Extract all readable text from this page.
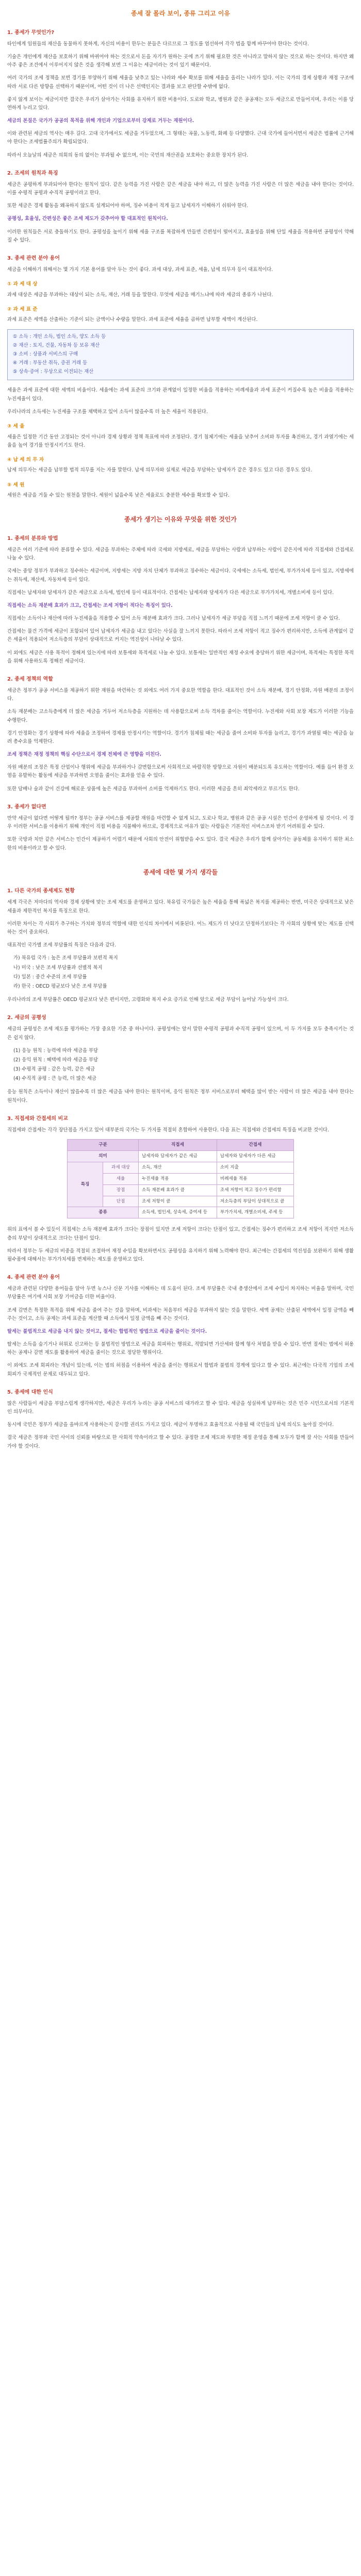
종세 잘 몰라 보이, 종류 그리고 이유
1. 종세가 무엇인가?

타인에게 임원들의 재산을 동물하지 못하게, 자신의 비용이 한두는 분들은 다르므로 그 정도를 엄선하여 각각 법을 함께 바꾸어야 한다는 것이다.

기술은 개인에게 재산을 보호하기 위해 바뀌어야 하는 것으로서 돈을 자기가 원하는 곳에 쓰기 위해 필요한 것은 아니라고 말하지 않는 것으로 하는 것이다. 하지만 왜 아주 좋은 조건에서 이루어지지 않은 것을 생각해 보면 그 이유는 세금이라는 것이 있기 때문이다.

여러 국가의 조세 정책을 보면 경기를 부양하기 위해 세율을 낮추고 있는 나라와 세수 확보를 위해 세율을 올리는 나라가 있다. 이는 국가의 경제 상황과 재정 구조에 따라 서로 다른 방향을 선택하기 때문이며, 어떤 것이 더 나은 선택인지는 결과를 보고 판단할 수밖에 없다.

좋지 않게 보이는 세금이지만 결국은 우리가 살아가는 사회를 유지하기 위한 비용이다. 도로와 학교, 병원과 같은 공공재는 모두 세금으로 만들어지며, 우리는 이를 당연하게 누리고 있다.

세금의 본질은 국가가 공공의 목적을 위해 개인과 기업으로부터 강제로 거두는 재원이다.

이와 관련된 세금의 역사는 매우 길다. 고대 국가에서도 세금을 거두었으며, 그 형태는 곡물, 노동력, 화폐 등 다양했다. 근대 국가에 들어서면서 세금은 법률에 근거해야 한다는 조세법률주의가 확립되었다.

따라서 오늘날의 세금은 의회의 동의 없이는 부과될 수 없으며, 이는 국민의 재산권을 보호하는 중요한 장치가 된다.

2. 조세의 원칙과 특징

세금은 공평하게 부과되어야 한다는 원칙이 있다. 같은 능력을 가진 사람은 같은 세금을 내야 하고, 더 많은 능력을 가진 사람은 더 많은 세금을 내야 한다는 것이다. 이를 수평적 공평과 수직적 공평이라고 한다.

또한 세금은 경제 활동을 왜곡하지 않도록 설계되어야 하며, 징수 비용이 적게 들고 납세자가 이해하기 쉬워야 한다.

공평성, 효율성, 간편성은 좋은 조세 제도가 갖추어야 할 대표적인 원칙이다.

이러한 원칙들은 서로 충돌하기도 한다. 공평성을 높이기 위해 세율 구조를 복잡하게 만들면 간편성이 떨어지고, 효율성을 위해 단일 세율을 적용하면 공평성이 약해질 수 있다.

3. 종세 관련 분야 용어

세금을 이해하기 위해서는 몇 가지 기본 용어를 알아 두는 것이 좋다. 과세 대상, 과세 표준, 세율, 납세 의무자 등이 대표적이다.

① 과 세 대 상

과세 대상은 세금을 부과하는 대상이 되는 소득, 재산, 거래 등을 말한다. 무엇에 세금을 매기느냐에 따라 세금의 종류가 나뉜다.

② 과 세 표 준

과세 표준은 세액을 산출하는 기준이 되는 금액이나 수량을 말한다. 과세 표준에 세율을 곱하면 납부할 세액이 계산된다.

① 소득 : 개인 소득, 법인 소득, 양도 소득 등

② 재산 : 토지, 건물, 자동차 등 보유 재산

③ 소비 : 상품과 서비스의 구매

④ 거래 : 부동산 취득, 증권 거래 등

⑤ 상속·증여 : 무상으로 이전되는 재산

세율은 과세 표준에 대한 세액의 비율이다. 세율에는 과세 표준의 크기와 관계없이 일정한 비율을 적용하는 비례세율과 과세 표준이 커질수록 높은 비율을 적용하는 누진세율이 있다.

우리나라의 소득세는 누진세율 구조를 채택하고 있어 소득이 많을수록 더 높은 세율이 적용된다.

③ 세 율

세율은 일정한 기간 동안 고정되는 것이 아니라 경제 상황과 정책 목표에 따라 조정된다. 경기 침체기에는 세율을 낮추어 소비와 투자를 촉진하고, 경기 과열기에는 세율을 높여 경기를 안정시키기도 한다.

④ 납 세 의 무 자

납세 의무자는 세금을 납부할 법적 의무를 지는 자를 말한다. 납세 의무자와 실제로 세금을 부담하는 담세자가 같은 경우도 있고 다른 경우도 있다.

⑤ 세 원

세원은 세금을 거둘 수 있는 원천을 말한다. 세원이 넓을수록 낮은 세율로도 충분한 세수를 확보할 수 있다.

종세가 생기는 이유와 무엇을 위한 것인가
1. 종세의 분류와 방법

세금은 여러 기준에 따라 분류할 수 있다. 세금을 부과하는 주체에 따라 국세와 지방세로, 세금을 부담하는 사람과 납부하는 사람이 같은지에 따라 직접세와 간접세로 나눌 수 있다.

국세는 중앙 정부가 부과하고 징수하는 세금이며, 지방세는 지방 자치 단체가 부과하고 징수하는 세금이다. 국세에는 소득세, 법인세, 부가가치세 등이 있고, 지방세에는 취득세, 재산세, 자동차세 등이 있다.

직접세는 납세자와 담세자가 같은 세금으로 소득세, 법인세 등이 대표적이다. 간접세는 납세자와 담세자가 다른 세금으로 부가가치세, 개별소비세 등이 있다.

직접세는 소득 재분배 효과가 크고, 간접세는 조세 저항이 적다는 특징이 있다.

직접세는 소득이나 재산에 따라 누진세율을 적용할 수 있어 소득 재분배 효과가 크다. 그러나 납세자가 세금 부담을 직접 느끼기 때문에 조세 저항이 클 수 있다.

간접세는 물건 가격에 세금이 포함되어 있어 납세자가 세금을 내고 있다는 사실을 잘 느끼지 못한다. 따라서 조세 저항이 적고 징수가 편리하지만, 소득에 관계없이 같은 세율이 적용되어 저소득층의 부담이 상대적으로 커지는 역진성이 나타날 수 있다.

이 외에도 세금은 사용 목적이 정해져 있는지에 따라 보통세와 목적세로 나눌 수 있다. 보통세는 일반적인 재정 수요에 충당하기 위한 세금이며, 목적세는 특정한 목적을 위해 사용하도록 정해진 세금이다.

2. 종세 정책의 역할

세금은 정부가 공공 서비스를 제공하기 위한 재원을 마련하는 것 외에도 여러 가지 중요한 역할을 한다. 대표적인 것이 소득 재분배, 경기 안정화, 자원 배분의 조정이다.

소득 재분배는 고소득층에게 더 많은 세금을 거두어 저소득층을 지원하는 데 사용함으로써 소득 격차를 줄이는 역할이다. 누진세와 사회 보장 제도가 이러한 기능을 수행한다.

경기 안정화는 경기 상황에 따라 세율을 조정하여 경제를 안정시키는 역할이다. 경기가 침체될 때는 세금을 줄여 소비와 투자를 늘리고, 경기가 과열될 때는 세금을 늘려 총수요를 억제한다.

조세 정책은 재정 정책의 핵심 수단으로서 경제 전체에 큰 영향을 미친다.

자원 배분의 조정은 특정 산업이나 행위에 세금을 부과하거나 감면함으로써 사회적으로 바람직한 방향으로 자원이 배분되도록 유도하는 역할이다. 예를 들어 환경 오염을 유발하는 활동에 세금을 부과하면 오염을 줄이는 효과를 얻을 수 있다.

또한 담배나 술과 같이 건강에 해로운 상품에 높은 세금을 부과하여 소비를 억제하기도 한다. 이러한 세금을 흔히 죄악세라고 부르기도 한다.

3. 종세가 없다면

만약 세금이 없다면 어떻게 될까? 정부는 공공 서비스를 제공할 재원을 마련할 수 없게 되고, 도로나 학교, 병원과 같은 공공 시설은 민간이 운영하게 될 것이다. 이 경우 이러한 서비스를 이용하기 위해 개인이 직접 비용을 지불해야 하므로, 경제적으로 여유가 없는 사람들은 기본적인 서비스조차 받기 어려워질 수 있다.

또한 국방과 치안 같은 서비스는 민간이 제공하기 어렵기 때문에 사회의 안전이 위협받을 수도 있다. 결국 세금은 우리가 함께 살아가는 공동체를 유지하기 위한 최소한의 비용이라고 할 수 있다.

종세에 대한 몇 가지 생각들
1. 다른 국가의 종세제도 현황

세계 각국은 저마다의 역사와 경제 상황에 맞는 조세 제도를 운영하고 있다. 북유럽 국가들은 높은 세율을 통해 폭넓은 복지를 제공하는 반면, 미국은 상대적으로 낮은 세율과 제한적인 복지를 특징으로 한다.

이러한 차이는 각 사회가 추구하는 가치와 정부의 역할에 대한 인식의 차이에서 비롯된다. 어느 제도가 더 낫다고 단정하기보다는 각 사회의 상황에 맞는 제도를 선택하는 것이 중요하다.

대표적인 국가별 조세 부담률의 특징은 다음과 같다.

가) 북유럽 국가 : 높은 조세 부담률과 보편적 복지
나) 미국 : 낮은 조세 부담률과 선별적 복지
다) 일본 : 중간 수준의 조세 부담률
라) 한국 : OECD 평균보다 낮은 조세 부담률

우리나라의 조세 부담률은 OECD 평균보다 낮은 편이지만, 고령화와 복지 수요 증가로 인해 앞으로 세금 부담이 늘어날 가능성이 크다.

2. 세금의 공평성

세금의 공평성은 조세 제도를 평가하는 가장 중요한 기준 중 하나이다. 공평성에는 앞서 말한 수평적 공평과 수직적 공평이 있으며, 이 두 가지를 모두 충족시키는 것은 쉽지 않다.

(1) 응능 원칙 : 능력에 따라 세금을 부담
(2) 응익 원칙 : 혜택에 따라 세금을 부담
(3) 수평적 공평 : 같은 능력, 같은 세금
(4) 수직적 공평 : 큰 능력, 더 많은 세금

응능 원칙은 소득이나 재산이 많을수록 더 많은 세금을 내야 한다는 원칙이며, 응익 원칙은 정부 서비스로부터 혜택을 많이 받는 사람이 더 많은 세금을 내야 한다는 원칙이다.

3. 직접세와 간접세의 비교

직접세와 간접세는 각각 장단점을 가지고 있어 대부분의 국가는 두 가지를 적절히 혼합하여 사용한다. 다음 표는 직접세와 간접세의 특징을 비교한 것이다.

구분		직접세	간접세
의미		납세자와 담세자가 같은 세금	납세자와 담세자가 다른 세금
특징	과세 대상	소득, 재산	소비 지출
	세율	누진세율 적용	비례세율 적용
	장점	소득 재분배 효과가 큼	조세 저항이 적고 징수가 편리함
	단점	조세 저항이 큼	저소득층의 부담이 상대적으로 큼
종류		소득세, 법인세, 상속세, 증여세 등	부가가치세, 개별소비세, 주세 등

위의 표에서 볼 수 있듯이 직접세는 소득 재분배 효과가 크다는 장점이 있지만 조세 저항이 크다는 단점이 있고, 간접세는 징수가 편리하고 조세 저항이 적지만 저소득층의 부담이 상대적으로 크다는 단점이 있다.

따라서 정부는 두 세금의 비중을 적절히 조절하여 재정 수입을 확보하면서도 공평성을 유지하기 위해 노력해야 한다. 최근에는 간접세의 역진성을 보완하기 위해 생활필수품에 대해서는 부가가치세를 면제하는 제도를 운영하고 있다.

4. 종세 관련 분야 용어

세금과 관련된 다양한 용어들을 알아 두면 뉴스나 신문 기사를 이해하는 데 도움이 된다. 조세 부담률은 국내 총생산에서 조세 수입이 차지하는 비율을 말하며, 국민 부담률은 여기에 사회 보장 기여금을 더한 비율이다.

조세 감면은 특정한 목적을 위해 세금을 줄여 주는 것을 말하며, 비과세는 처음부터 세금을 부과하지 않는 것을 말한다. 세액 공제는 산출된 세액에서 일정 금액을 빼 주는 것이고, 소득 공제는 과세 표준을 계산할 때 소득에서 일정 금액을 빼 주는 것이다.

탈세는 불법적으로 세금을 내지 않는 것이고, 절세는 합법적인 방법으로 세금을 줄이는 것이다.

탈세는 소득을 숨기거나 허위로 신고하는 등 불법적인 방법으로 세금을 회피하는 행위로, 적발되면 가산세와 함께 형사 처벌을 받을 수 있다. 반면 절세는 법에서 허용하는 공제나 감면 제도를 활용하여 세금을 줄이는 것으로 정당한 행위이다.

이 외에도 조세 회피라는 개념이 있는데, 이는 법의 허점을 이용하여 세금을 줄이는 행위로서 합법과 불법의 경계에 있다고 할 수 있다. 최근에는 다국적 기업의 조세 회피가 국제적인 문제로 대두되고 있다.

5. 종세에 대한 인식

많은 사람들이 세금을 부담스럽게 생각하지만, 세금은 우리가 누리는 공공 서비스의 대가라고 할 수 있다. 세금을 성실하게 납부하는 것은 민주 시민으로서의 기본적인 의무이다.

동시에 국민은 정부가 세금을 올바르게 사용하는지 감시할 권리도 가지고 있다. 세금이 투명하고 효율적으로 사용될 때 국민들의 납세 의식도 높아질 것이다.

결국 세금은 정부와 국민 사이의 신뢰를 바탕으로 한 사회적 약속이라고 할 수 있다. 공정한 조세 제도와 투명한 재정 운영을 통해 모두가 함께 잘 사는 사회를 만들어 가야 할 것이다.
